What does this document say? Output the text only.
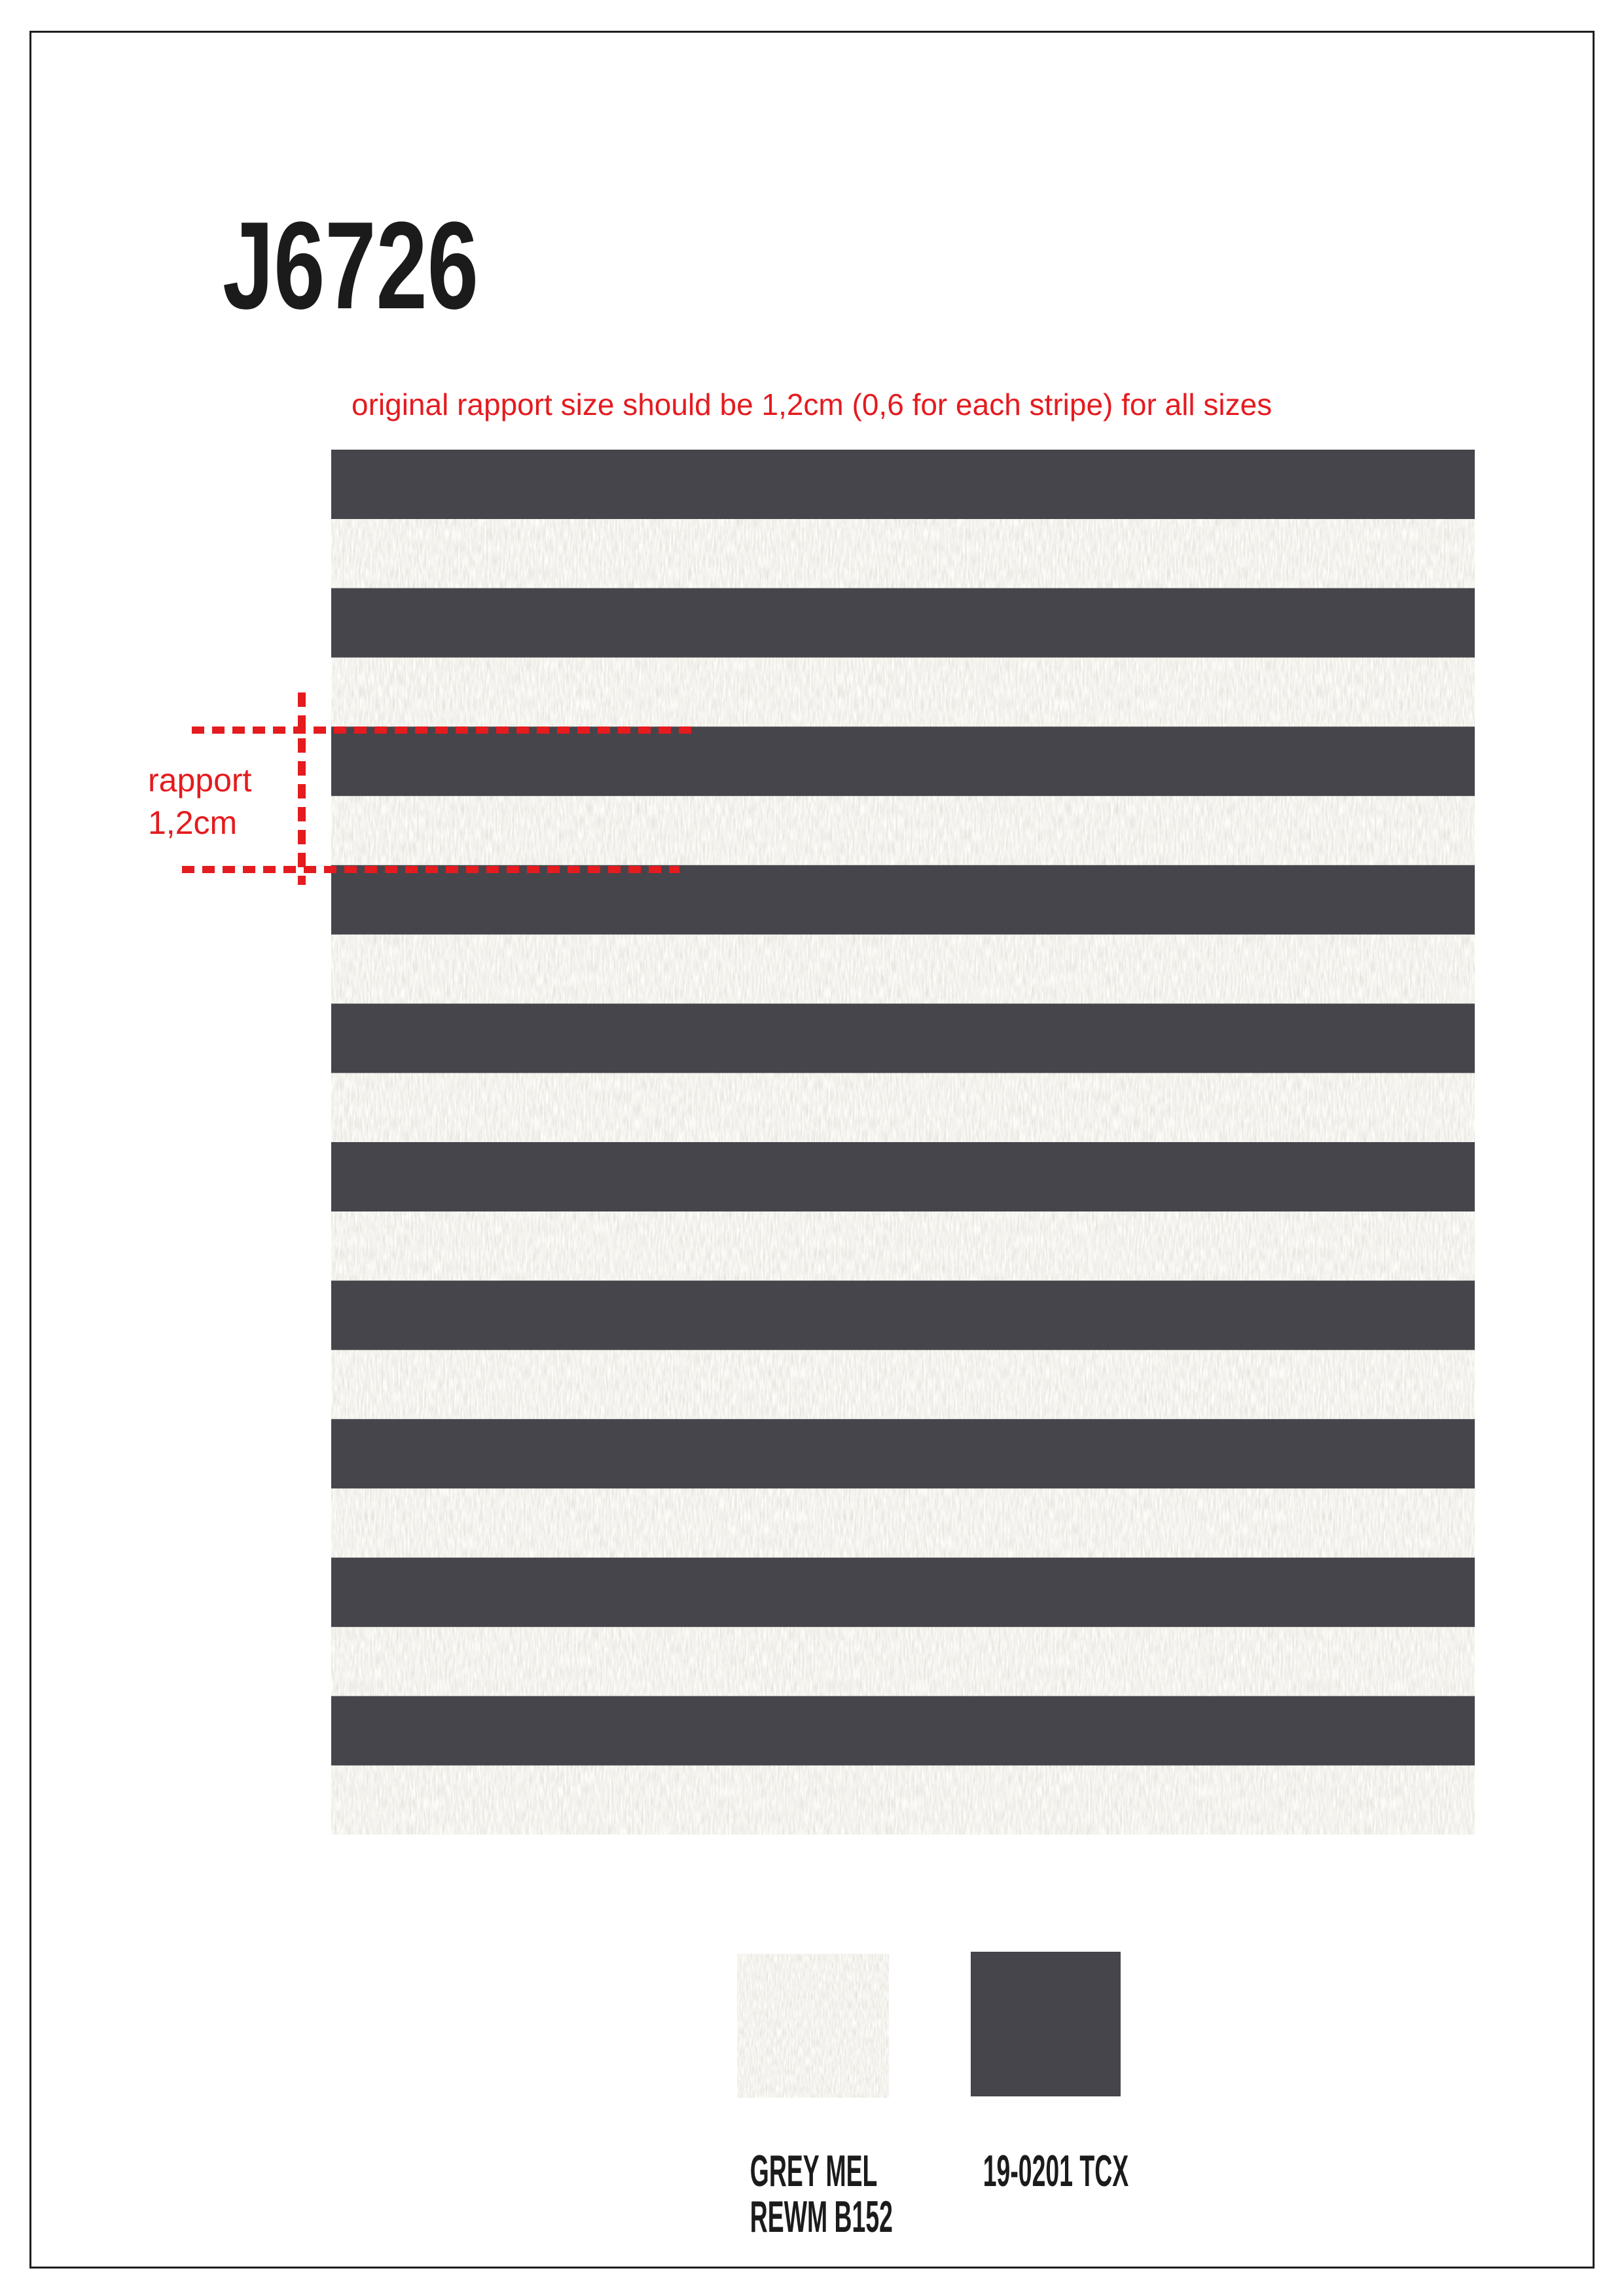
J6726
original rapport size should be 1,2cm (0,6 for each stripe) for all sizes
rapport
1,2cm
GREY MEL
REWM B152
19-0201 TCX
